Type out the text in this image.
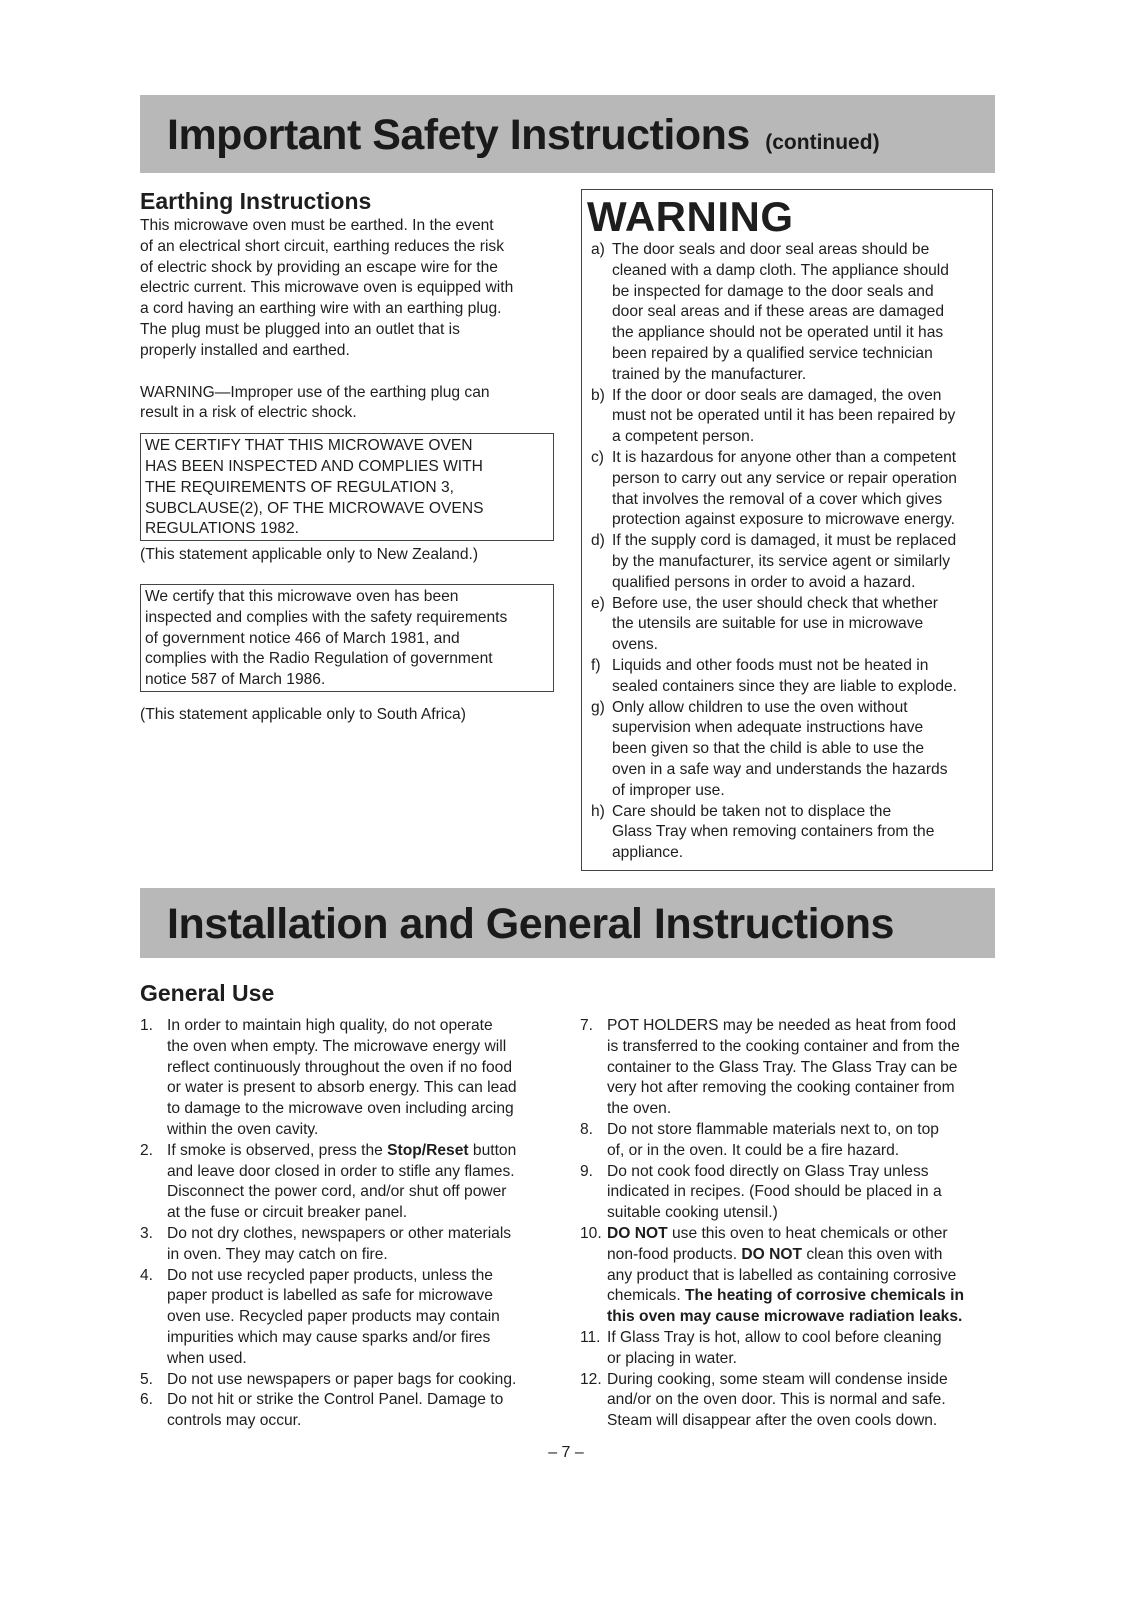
Important Safety Instructions (continued)
Earthing Instructions
This microwave oven must be earthed. In the event
of an electrical short circuit, earthing reduces the risk
of electric shock by providing an escape wire for the
electric current. This microwave oven is equipped with
a cord having an earthing wire with an earthing plug.
The plug must be plugged into an outlet that is
properly installed and earthed.
WARNING—Improper use of the earthing plug can
result in a risk of electric shock.
WE CERTIFY THAT THIS MICROWAVE OVEN
HAS BEEN INSPECTED AND COMPLIES WITH
THE REQUIREMENTS OF REGULATION 3,
SUBCLAUSE(2), OF THE MICROWAVE OVENS
REGULATIONS 1982.

(This statement applicable only to New Zealand.)

We certify that this microwave oven has been
inspected and complies with the safety requirements
of government notice 466 of March 1981, and
complies with the Radio Regulation of government
notice 587 of March 1986.

(This statement applicable only to South Africa)

WARNING
a) The door seals and door seal areas should be
cleaned with a damp cloth. The appliance should
be inspected for damage to the door seals and
door seal areas and if these areas are damaged
the appliance should not be operated until it has
been repaired by a qualified service technician
trained by the manufacturer.
b) If the door or door seals are damaged, the oven
must not be operated until it has been repaired by
a competent person.
c) It is hazardous for anyone other than a competent
person to carry out any service or repair operation
that involves the removal of a cover which gives
protection against exposure to microwave energy.
d) If the supply cord is damaged, it must be replaced
by the manufacturer, its service agent or similarly
qualified persons in order to avoid a hazard.
e) Before use, the user should check that whether
the utensils are suitable for use in microwave
ovens.
f) Liquids and other foods must not be heated in
sealed containers since they are liable to explode.
g) Only allow children to use the oven without
supervision when adequate instructions have
been given so that the child is able to use the
oven in a safe way and understands the hazards
of improper use.
h) Care should be taken not to displace the
Glass Tray when removing containers from the
appliance.
Installation and General Instructions
General Use
1. In order to maintain high quality, do not operate
the oven when empty. The microwave energy will
reflect continuously throughout the oven if no food
or water is present to absorb energy. This can lead
to damage to the microwave oven including arcing
within the oven cavity.
2. If smoke is observed, press the Stop/Reset button
and leave door closed in order to stifle any flames.
Disconnect the power cord, and/or shut off power
at the fuse or circuit breaker panel.
3. Do not dry clothes, newspapers or other materials
in oven. They may catch on fire.
4. Do not use recycled paper products, unless the
paper product is labelled as safe for microwave
oven use. Recycled paper products may contain
impurities which may cause sparks and/or fires
when used.
5. Do not use newspapers or paper bags for cooking.
6. Do not hit or strike the Control Panel. Damage to
controls may occur.
7. POT HOLDERS may be needed as heat from food
is transferred to the cooking container and from the
container to the Glass Tray. The Glass Tray can be
very hot after removing the cooking container from
the oven.
8. Do not store flammable materials next to, on top
of, or in the oven. It could be a fire hazard.
9. Do not cook food directly on Glass Tray unless
indicated in recipes. (Food should be placed in a
suitable cooking utensil.)
10. DO NOT use this oven to heat chemicals or other
non-food products. DO NOT clean this oven with
any product that is labelled as containing corrosive
chemicals. The heating of corrosive chemicals in
this oven may cause microwave radiation leaks.
11. If Glass Tray is hot, allow to cool before cleaning
or placing in water.
12. During cooking, some steam will condense inside
and/or on the oven door. This is normal and safe.
Steam will disappear after the oven cools down.
– 7 –
